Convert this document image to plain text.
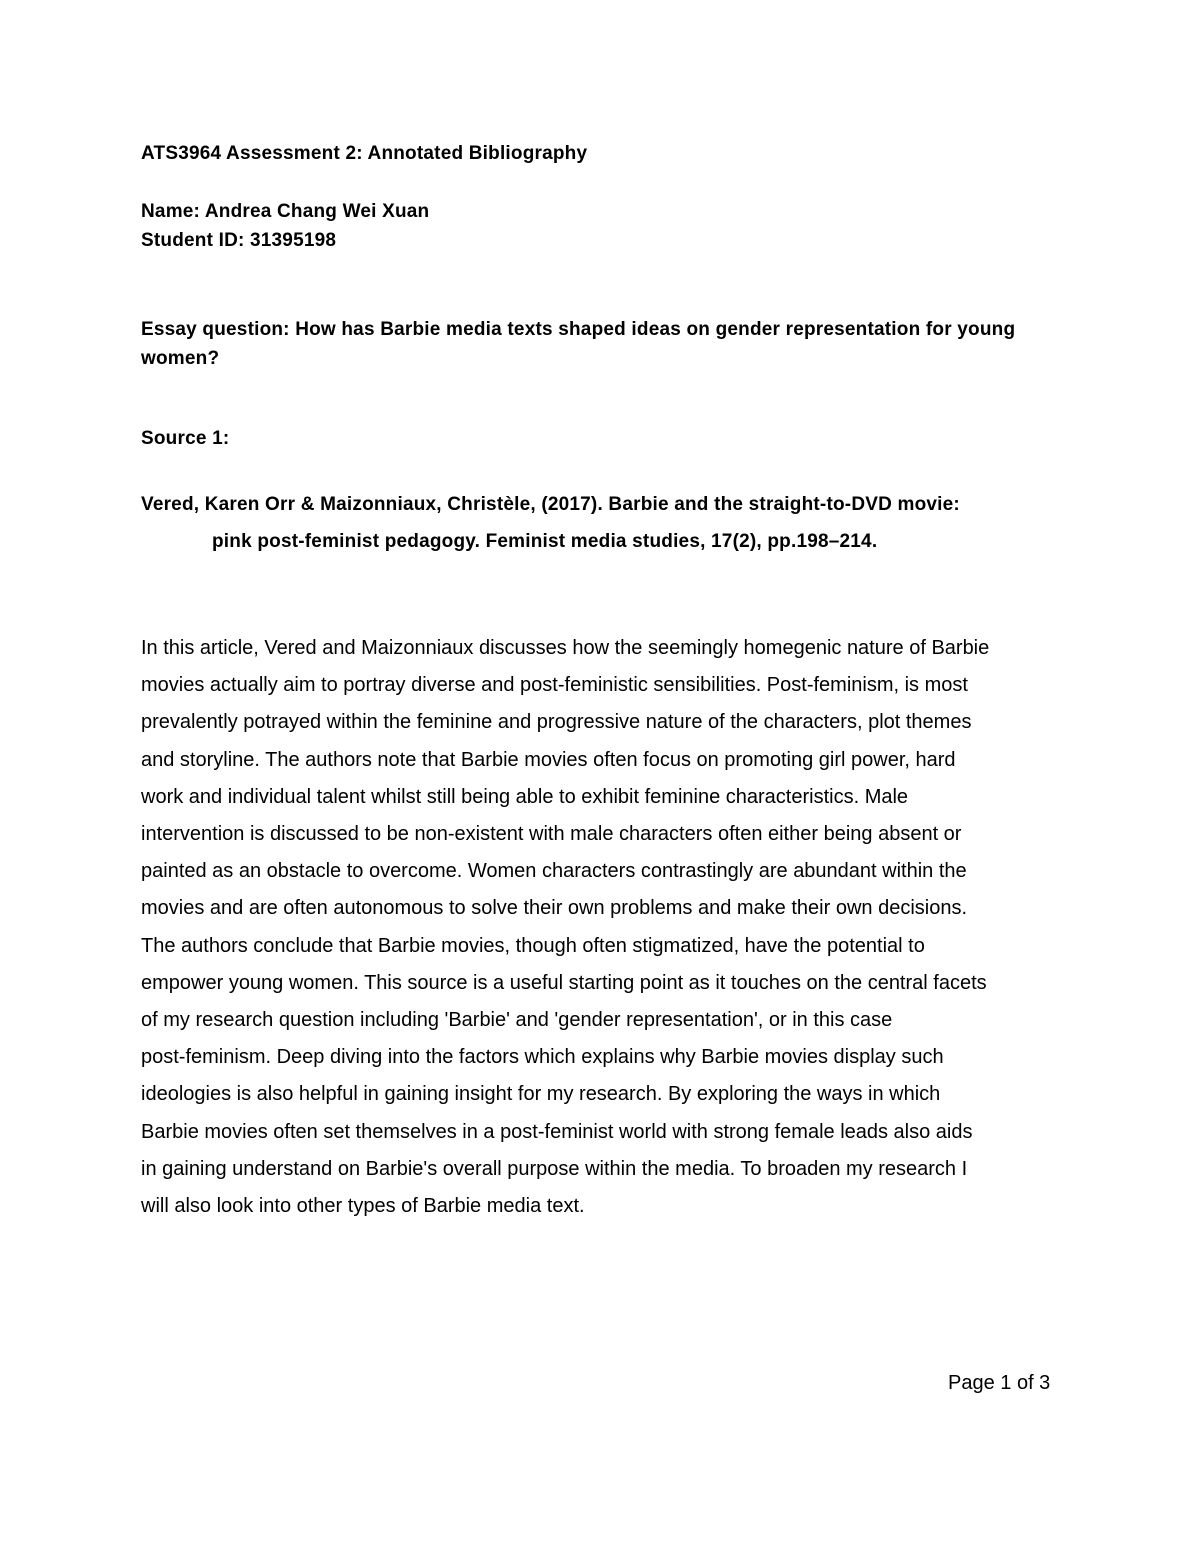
ATS3964 Assessment 2: Annotated Bibliography

Name: Andrea Chang Wei Xuan

Student ID: 31395198

Essay question: How has Barbie media texts shaped ideas on gender representation for young women?

Source 1:

Vered, Karen Orr & Maizonniaux, Christèle, (2017). Barbie and the straight-to-DVD movie:
pink post-feminist pedagogy. Feminist media studies, 17(2), pp.198–214.

In this article, Vered and Maizonniaux discusses how the seemingly homegenic nature of Barbie
movies actually aim to portray diverse and post-feministic sensibilities. Post-feminism, is most
prevalently potrayed within the feminine and progressive nature of the characters, plot themes
and storyline. The authors note that Barbie movies often focus on promoting girl power, hard
work and individual talent whilst still being able to exhibit feminine characteristics. Male
intervention is discussed to be non-existent with male characters often either being absent or
painted as an obstacle to overcome. Women characters contrastingly are abundant within the
movies and are often autonomous to solve their own problems and make their own decisions.
The authors conclude that Barbie movies, though often stigmatized, have the potential to
empower young women. This source is a useful starting point as it touches on the central facets
of my research question including 'Barbie' and 'gender representation', or in this case
post-feminism. Deep diving into the factors which explains why Barbie movies display such
ideologies is also helpful in gaining insight for my research. By exploring the ways in which
Barbie movies often set themselves in a post-feminist world with strong female leads also aids
in gaining understand on Barbie's overall purpose within the media. To broaden my research I
will also look into other types of Barbie media text.

Page 1 of 3
